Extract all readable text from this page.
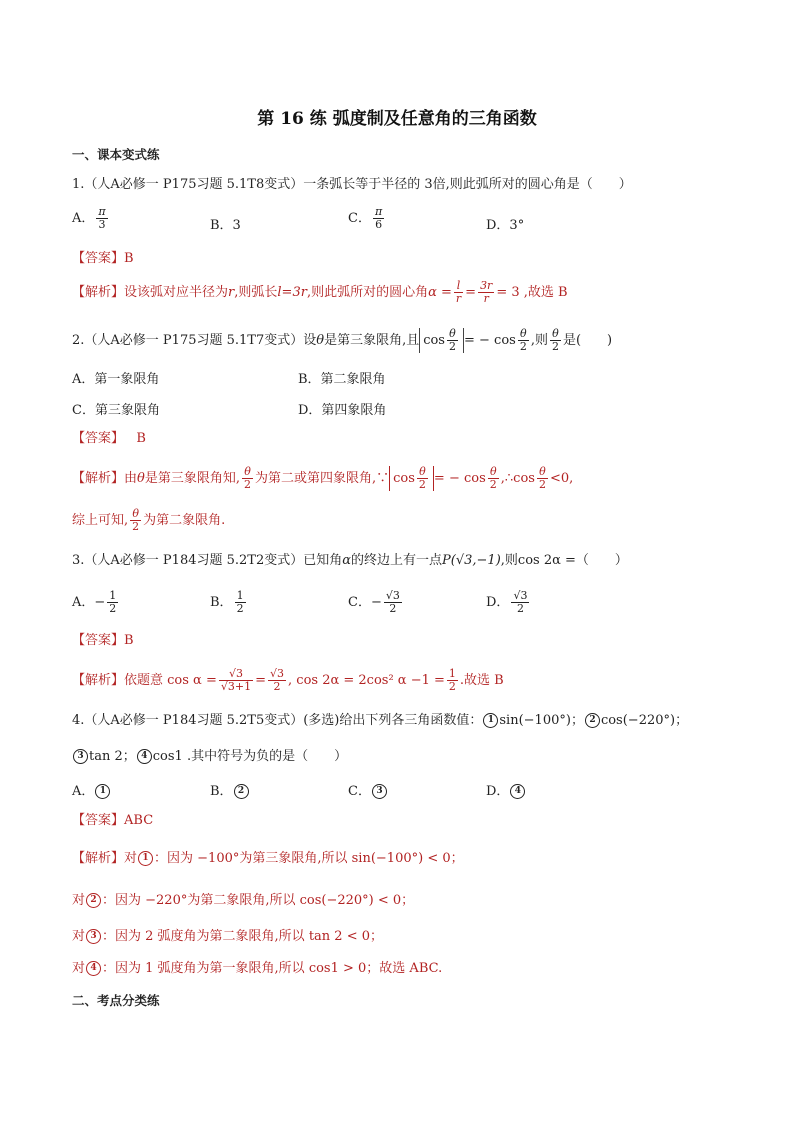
第 16 练 弧度制及任意角的三角函数
一、课本变式练
1.（人A必修一 P175习题 5.1T8变式）一条弧长等于半径的 3倍,则此弧所对的圆心角是（　　）
A． $\frac{\pi}{3}$	B．3	C． $\frac{\pi}{6}$	D．3°
【答案】B
【解析】设该弧对应半径为r,则弧长l=3r,则此弧所对的圆心角$\alpha = \frac{l}{r} = \frac{3r}{r} = 3$ ,故选 B
2.（人A必修一 P175习题 5.1T7变式）设θ是第三象限角,且 $\cos \frac{\theta}{2}$ = − $\cos \frac{\theta}{2}$ ,则 $\frac{\theta}{2}$ 是(　　)
A．第一象限角	B．第二象限角
C．第三象限角	D．第四象限角
【答案】 B
【解析】由θ是第三象限角知, $\frac{\theta}{2}$ 为第二或第四象限角,∵ $\cos \frac{\theta}{2}$ = − $\cos \frac{\theta}{2}$ ,∴cos $\frac{\theta}{2} <0$,
综上可知, $\frac{\theta}{2}$ 为第二象限角.
3.（人A必修一 P184习题 5.2T2变式）已知角α的终边上有一点P(√3,−1),则cos 2α =（　　）
A．− $\frac{1}{2}$	B． $\frac{1}{2}$	C．− $\frac{√3}{2}$	D． $\frac{√3}{2}$
【答案】B
【解析】依题意 $\cos \alpha = \frac{√3}{√3+1} = \frac{√3}{2}$ , cos 2α = 2cos² $\alpha -1 = \frac{1}{2}$ .故选 B
4.（人A必修一 P184习题 5.2T5变式）(多选)给出下列各三角函数值： 1 sin(−100°)； 2 cos(−220°)；
3 tan 2； 4 cos1 .其中符号为负的是（　　）
A． 1	B． 2	C． 3	D． 4
【答案】ABC
【解析】对 1 ：因为 −100°为第三象限角,所以 sin(−100°) < 0；
对 2 ：因为 −220°为第二象限角,所以 cos(−220°) < 0；
对 3 ：因为 2 弧度角为第二象限角,所以 tan 2 < 0；
对 4 ：因为 1 弧度角为第一象限角,所以 cos1 > 0；故选 ABC.
二、考点分类练
